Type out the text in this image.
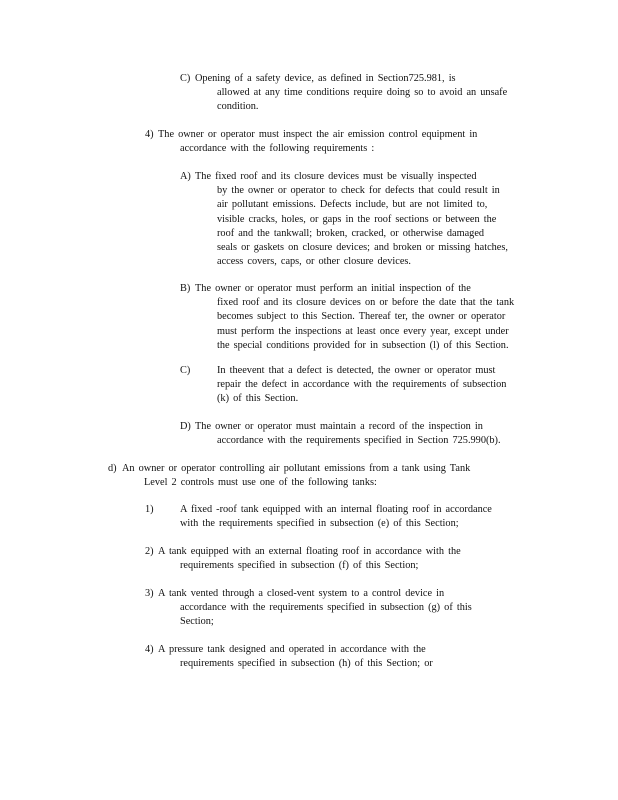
C) Opening of a safety device, as defined in Section725.981, is
allowed at any time conditions require doing so to avoid an unsafe
condition.
4) The owner or operator must inspect the air emission control equipment in
accordance with the following requirements :
A) The fixed roof and its closure devices must be visually inspected
by the owner or operator to check for defects that could result in
air pollutant emissions. Defects include, but are not limited to,
visible cracks, holes, or gaps in the roof sections or between the
roof and the tankwall; broken, cracked, or otherwise damaged
seals or gaskets on closure devices; and broken or missing hatches,
access covers, caps, or other closure devices.
B) The owner or operator must perform an initial inspection of the
fixed roof and its closure devices on or before the date that the tank
becomes subject to this Section. Thereaf ter, the owner or operator
must perform the inspections at least once every year, except under
the special conditions provided for in subsection (l) of this Section.
C)	In theevent that a defect is detected, the owner or operator must
repair the defect in accordance with the requirements of subsection
(k) of this Section.
D) The owner or operator must maintain a record of the inspection in
accordance with the requirements specified in Section 725.990(b).
d) An owner or operator controlling air pollutant emissions from a tank using Tank
Level 2 controls must use one of the following tanks:
1)	A fixed -roof tank equipped with an internal floating roof in accordance
with the requirements specified in subsection (e) of this Section;
2) A tank equipped with an external floating roof in accordance with the
requirements specified in subsection (f) of this Section;
3) A tank vented through a closed-vent system to a control device in
accordance with the requirements specified in subsection (g) of this
Section;
4) A pressure tank designed and operated in accordance with the
requirements specified in subsection (h) of this Section; or
